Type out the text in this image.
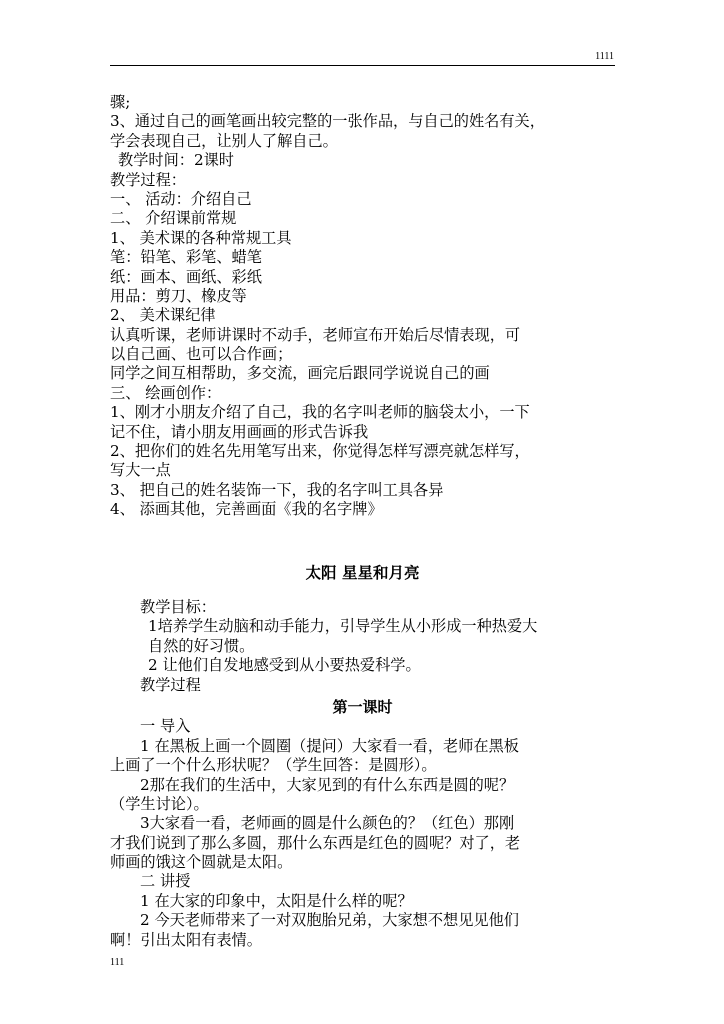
1111
骤;
3、通过自己的画笔画出较完整的一张作品，与自己的姓名有关，
学会表现自己，让别人了解自己。
教学时间：2课时
教学过程：
一、 活动：介绍自己
二、 介绍课前常规
1、 美术课的各种常规工具
笔：铅笔、彩笔、蜡笔
纸：画本、画纸、彩纸
用品：剪刀、橡皮等
2、 美术课纪律
认真听课，老师讲课时不动手，老师宣布开始后尽情表现，可
以自己画、也可以合作画；
同学之间互相帮助，多交流，画完后跟同学说说自己的画
三、 绘画创作：
1、刚才小朋友介绍了自己，我的名字叫老师的脑袋太小，一下
记不住，请小朋友用画画的形式告诉我
2、把你们的姓名先用笔写出来，你觉得怎样写漂亮就怎样写，
写大一点
3、 把自己的姓名装饰一下，我的名字叫工具各异
4、 添画其他，完善画面《我的名字牌》
太阳 星星和月亮
教学目标：
1培养学生动脑和动手能力，引导学生从小形成一种热爱大
自然的好习惯。
2 让他们自发地感受到从小要热爱科学。
教学过程
第一课时
一 导入
1 在黑板上画一个圆圈（提问）大家看一看，老师在黑板
上画了一个什么形状呢？（学生回答：是圆形）。
2那在我们的生活中，大家见到的有什么东西是圆的呢？
（学生讨论）。
3大家看一看，老师画的圆是什么颜色的？（红色）那刚
才我们说到了那么多圆，那什么东西是红色的圆呢？对了，老
师画的饿这个圆就是太阳。
二 讲授
1 在大家的印象中，太阳是什么样的呢？
2 今天老师带来了一对双胞胎兄弟，大家想不想见见他们
啊！引出太阳有表情。
111
